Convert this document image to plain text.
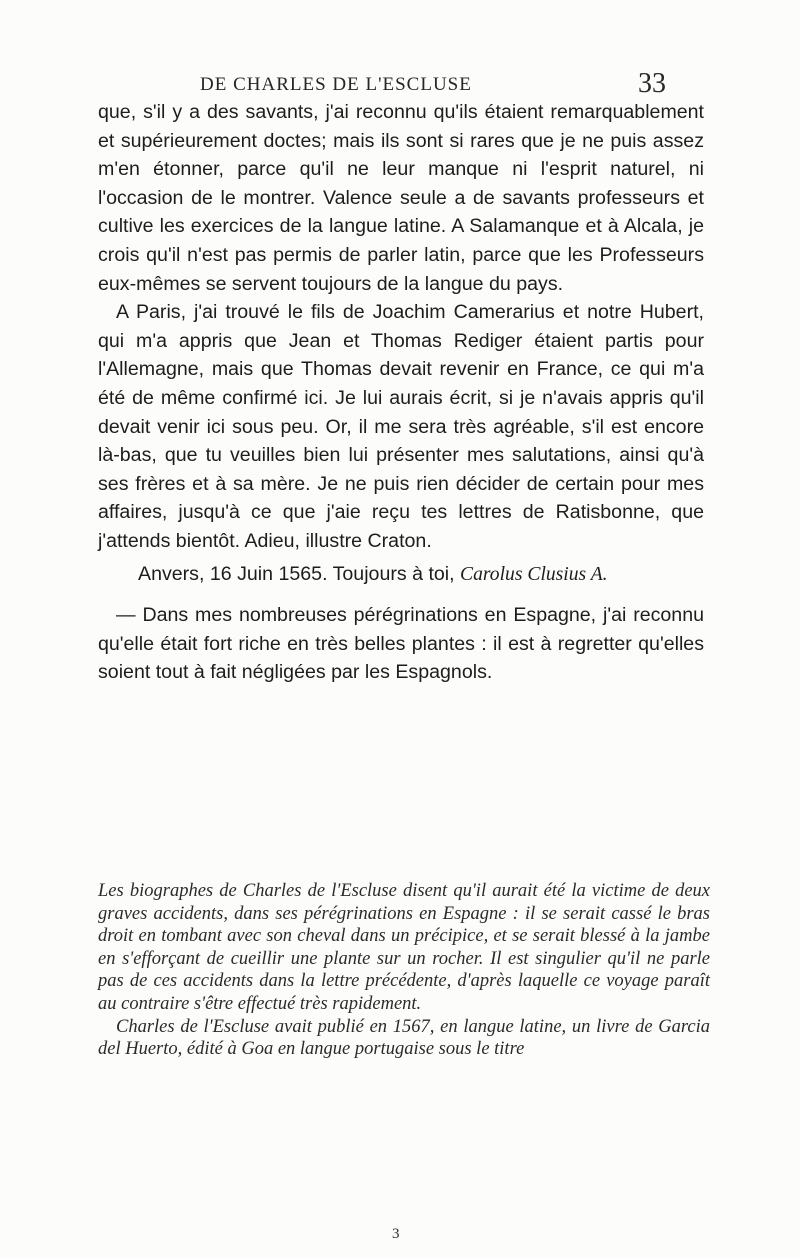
DE CHARLES DE L'ESCLUSE	33

que, s'il y a des savants, j'ai reconnu qu'ils étaient remarquablement et supérieurement doctes; mais ils sont si rares que je ne puis assez m'en étonner, parce qu'il ne leur manque ni l'esprit naturel, ni l'occasion de le montrer. Valence seule a de savants professeurs et cultive les exercices de la langue latine. A Salamanque et à Alcala, je crois qu'il n'est pas permis de parler latin, parce que les Professeurs eux-mêmes se servent toujours de la langue du pays.

A Paris, j'ai trouvé le fils de Joachim Camerarius et notre Hubert, qui m'a appris que Jean et Thomas Rediger étaient partis pour l'Allemagne, mais que Thomas devait revenir en France, ce qui m'a été de même confirmé ici. Je lui aurais écrit, si je n'avais appris qu'il devait venir ici sous peu. Or, il me sera très agréable, s'il est encore là-bas, que tu veuilles bien lui présenter mes salutations, ainsi qu'à ses frères et à sa mère. Je ne puis rien décider de certain pour mes affaires, jusqu'à ce que j'aie reçu tes lettres de Ratisbonne, que j'attends bientôt. Adieu, illustre Craton.

Anvers, 16 Juin 1565. Toujours à toi, Carolus Clusius A.

— Dans mes nombreuses pérégrinations en Espagne, j'ai reconnu qu'elle était fort riche en très belles plantes : il est à regretter qu'elles soient tout à fait négligées par les Espagnols.

Les biographes de Charles de l'Escluse disent qu'il aurait été la victime de deux graves accidents, dans ses pérégrinations en Espagne : il se serait cassé le bras droit en tombant avec son cheval dans un précipice, et se serait blessé à la jambe en s'efforçant de cueillir une plante sur un rocher. Il est singulier qu'il ne parle pas de ces accidents dans la lettre précédente, d'après laquelle ce voyage paraît au contraire s'être effectué très rapidement.

Charles de l'Escluse avait publié en 1567, en langue latine, un livre de Garcia del Huerto, édité à Goa en langue portugaise sous le titre

3
